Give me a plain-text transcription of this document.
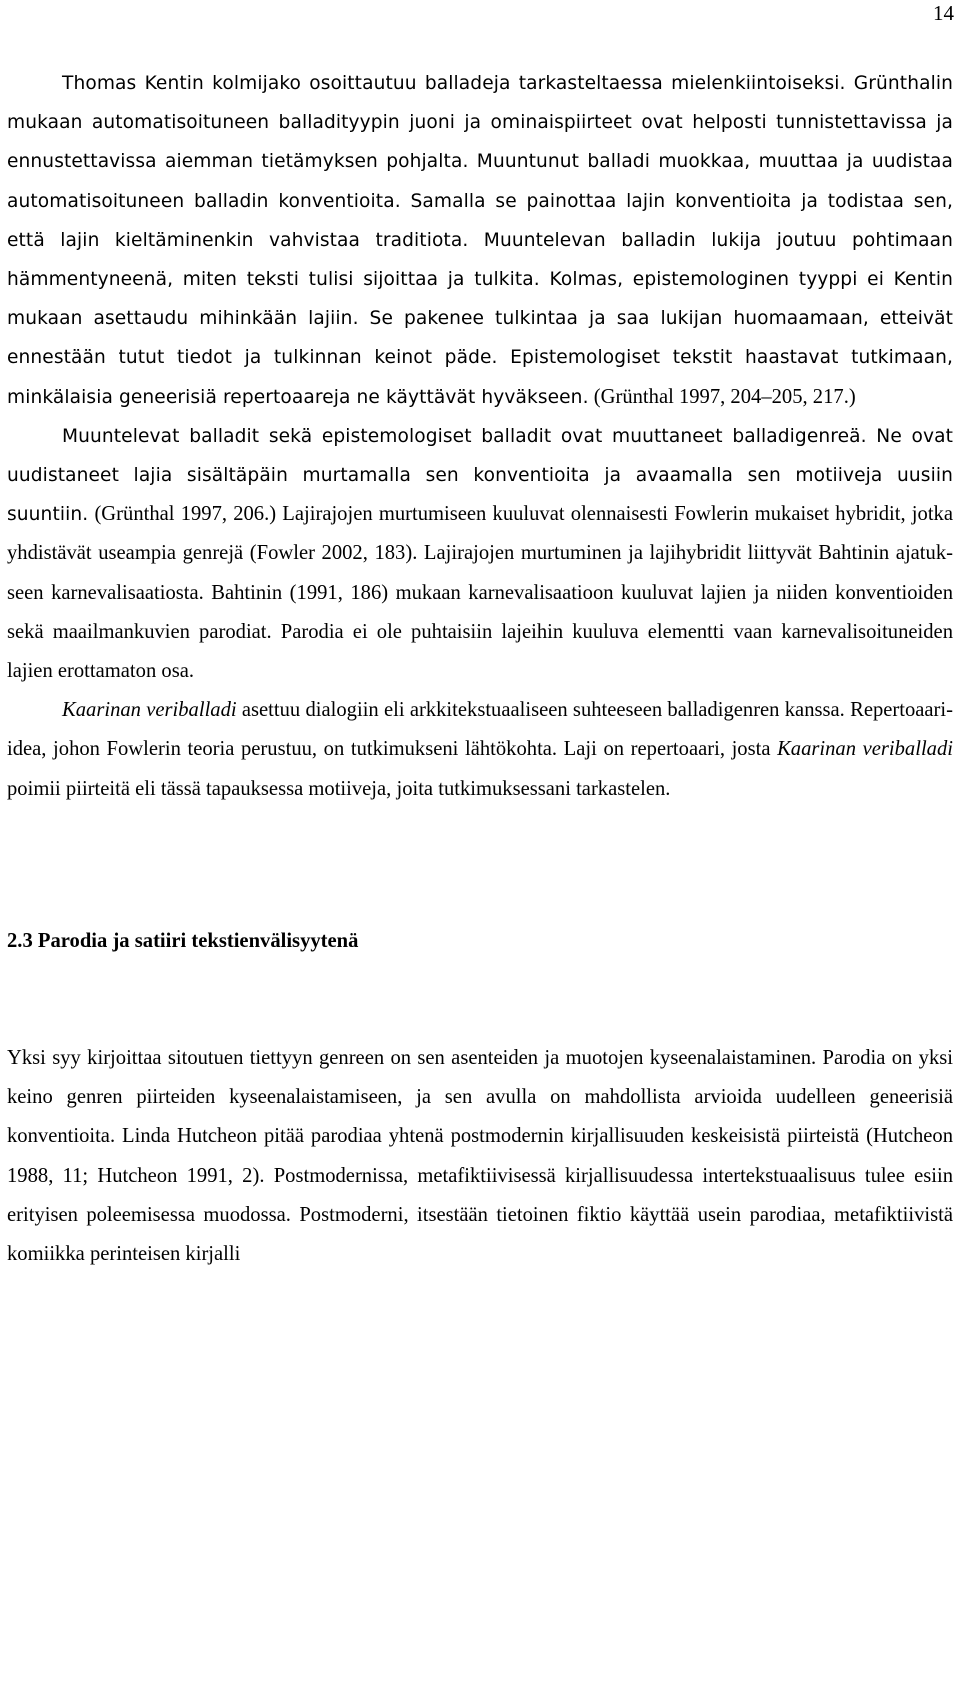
14

Thomas Kentin kolmijako osoittautuu balladeja tarkasteltaessa mielenkiintoiseksi. Grünthalin mukaan automatisoituneen balladityypin juoni ja ominaispiirteet ovat helposti tunnistettavissa ja ennustettavissa aiemman tietämyksen pohjalta. Muuntunut balladi muokkaa, muuttaa ja uudistaa automatisoituneen balladin konventioita. Samalla se painottaa lajin konventioita ja todistaa sen, että lajin kieltäminenkin vahvistaa traditiota. Muuntelevan balladin lukija joutuu pohtimaan hämmentyneenä, miten teksti tulisi sijoittaa ja tulkita. Kolmas, epistemologinen tyyppi ei Kentin mukaan asettaudu mihinkään lajiin. Se pakenee tulkintaa ja saa lukijan huomaamaan, etteivät ennestään tutut tiedot ja tulkinnan keinot päde. Epistemologiset tekstit haastavat tutkimaan, minkälaisia geneerisiä repertoaareja ne käyttävät hyväkseen. (Grünthal 1997, 204–205, 217.)

Muuntelevat balladit sekä epistemologiset balladit ovat muuttaneet balladigenreä. Ne ovat uudistaneet lajia sisältäpäin murtamalla sen konventioita ja avaamalla sen motiiveja uusiin suuntiin. (Grünthal 1997, 206.) Lajirajojen murtumiseen kuuluvat olennaisesti Fowlerin mukaiset hybridit, jotka yhdistävät useampia genrejä (Fowler 2002, 183). Lajirajojen murtuminen ja lajihybridit liittyvät Bahtinin ajatukseen karnevalisaatiosta. Bahtinin (1991, 186) mukaan karnevalisaatioon kuuluvat lajien ja niiden konventioiden sekä maailmankuvien parodiat. Parodia ei ole puhtaisiin lajeihin kuuluva elementti vaan karnevalisoituneiden lajien erottamaton osa.

Kaarinan veriballadi asettuu dialogiin eli arkkitekstuaaliseen suhteeseen balladigenren kanssa. Repertoaari-idea, johon Fowlerin teoria perustuu, on tutkimukseni lähtökohta. Laji on repertoaari, josta Kaarinan veriballadi poimii piirteitä eli tässä tapauksessa motiiveja, joita tutkimuksessani tarkastelen.

2.3 Parodia ja satiiri tekstienvälisyytenä

Yksi syy kirjoittaa sitoutuen tiettyyn genreen on sen asenteiden ja muotojen kyseenalaistaminen. Parodia on yksi keino genren piirteiden kyseenalaistamiseen, ja sen avulla on mahdollista arvioida uudelleen geneerisiä konventioita. Linda Hutcheon pitää parodiaa yhtenä postmodernin kirjallisuuden keskeisistä piirteistä (Hutcheon 1988, 11; Hutcheon 1991, 2). Postmodernissa, metafiktiivisessä kirjallisuudessa intertekstuaalisuus tulee esiin erityisen poleemisessa muodossa. Postmoderni, itsestään tietoinen fiktio käyttää usein parodiaa, metafiktiivistä komiikka perinteisen kirjalli
